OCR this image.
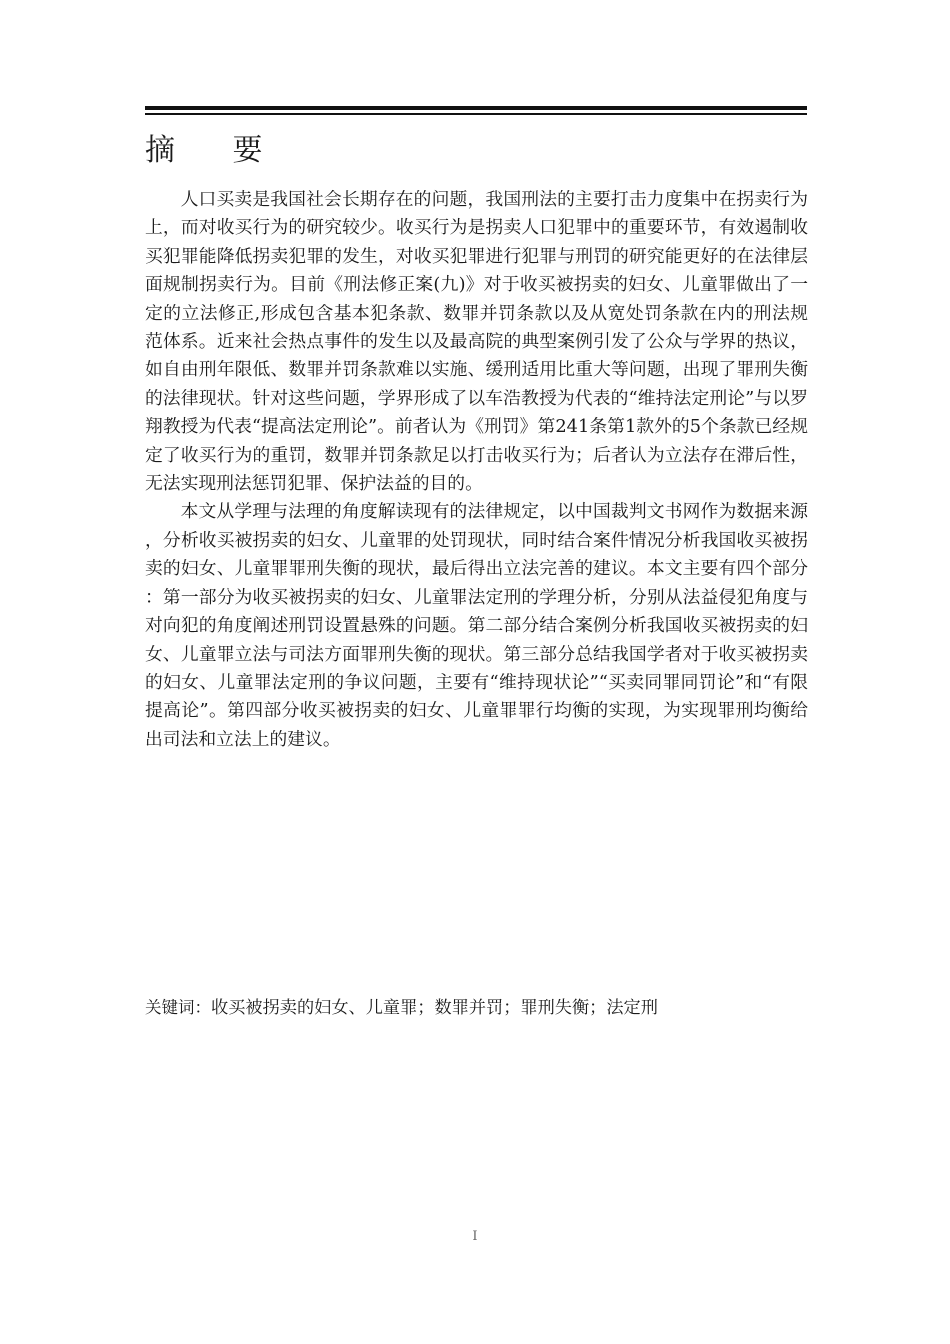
摘 要

人口买卖是我国社会长期存在的问题，我国刑法的主要打击力度集中在拐卖行为上，而对收买行为的研究较少。收买行为是拐卖人口犯罪中的重要环节，有效遏制收买犯罪能降低拐卖犯罪的发生，对收买犯罪进行犯罪与刑罚的研究能更好的在法律层面规制拐卖行为。目前《刑法修正案(九)》对于收买被拐卖的妇女、儿童罪做出了一定的立法修正,形成包含基本犯条款、数罪并罚条款以及从宽处罚条款在内的刑法规范体系。近来社会热点事件的发生以及最高院的典型案例引发了公众与学界的热议，如自由刑年限低、数罪并罚条款难以实施、缓刑适用比重大等问题，出现了罪刑失衡的法律现状。针对这些问题，学界形成了以车浩教授为代表的“维持法定刑论”与以罗翔教授为代表“提高法定刑论”。前者认为《刑罚》第241条第1款外的5个条款已经规定了收买行为的重罚，数罪并罚条款足以打击收买行为；后者认为立法存在滞后性，无法实现刑法惩罚犯罪、保护法益的目的。

本文从学理与法理的角度解读现有的法律规定，以中国裁判文书网作为数据来源，分析收买被拐卖的妇女、儿童罪的处罚现状，同时结合案件情况分析我国收买被拐卖的妇女、儿童罪罪刑失衡的现状，最后得出立法完善的建议。本文主要有四个部分：第一部分为收买被拐卖的妇女、儿童罪法定刑的学理分析，分别从法益侵犯角度与对向犯的角度阐述刑罚设置悬殊的问题。第二部分结合案例分析我国收买被拐卖的妇女、儿童罪立法与司法方面罪刑失衡的现状。第三部分总结我国学者对于收买被拐卖的妇女、儿童罪法定刑的争议问题，主要有“维持现状论”“买卖同罪同罚论”和“有限提高论”。第四部分收买被拐卖的妇女、儿童罪罪行均衡的实现，为实现罪刑均衡给出司法和立法上的建议。

关键词：收买被拐卖的妇女、儿童罪；数罪并罚；罪刑失衡；法定刑
I
